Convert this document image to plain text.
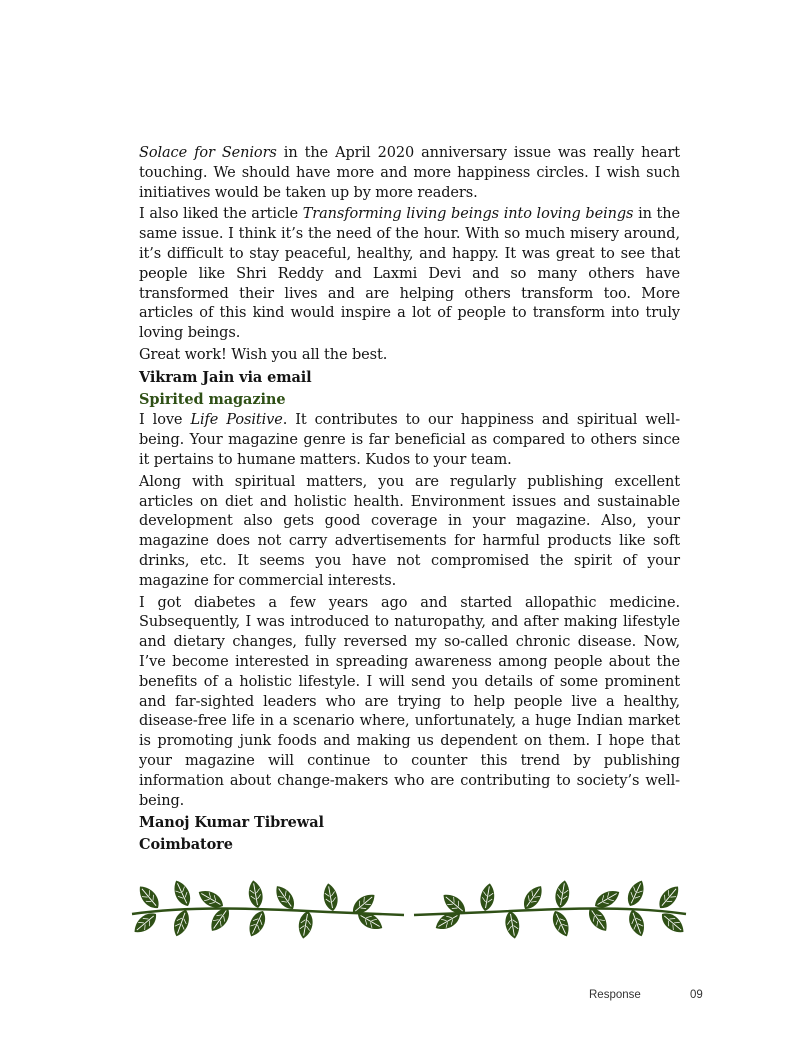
Solace for Seniors in the April 2020 anniversary issue was really heart touching. We should have more and more happiness circles. I wish such initiatives would be taken up by more readers.

I also liked the article Transforming living beings into loving beings in the same issue. I think it’s the need of the hour. With so much misery around, it’s difficult to stay peaceful, healthy, and happy. It was great to see that people like Shri Reddy and Laxmi Devi and so many others have transformed their lives and are helping others transform too. More articles of this kind would inspire a lot of people to transform into truly loving beings.

Great work! Wish you all the best.

Vikram Jain via email

Spirited magazine

I love Life Positive. It contributes to our happiness and spiritual well-being. Your magazine genre is far beneficial as compared to others since it pertains to humane matters. Kudos to your team.

Along with spiritual matters, you are regularly publishing excellent articles on diet and holistic health. Environment issues and sustainable development also gets good coverage in your magazine. Also, your magazine does not carry advertisements for harmful products like soft drinks, etc. It seems you have not compromised the spirit of your magazine for commercial interests.

I got diabetes a few years ago and started allopathic medicine. Subsequently, I was introduced to naturopathy, and after making lifestyle and dietary changes, fully reversed my so-called chronic disease. Now, I’ve become interested in spreading awareness among people about the benefits of a holistic lifestyle. I will send you details of some prominent and far-sighted leaders who are trying to help people live a healthy, disease-free life in a scenario where, unfortunately, a huge Indian market is promoting junk foods and making us dependent on them. I hope that your magazine will continue to counter this trend by publishing information about change-makers who are contributing to society’s well-being.

Manoj Kumar Tibrewal

Coimbatore

Response	09
